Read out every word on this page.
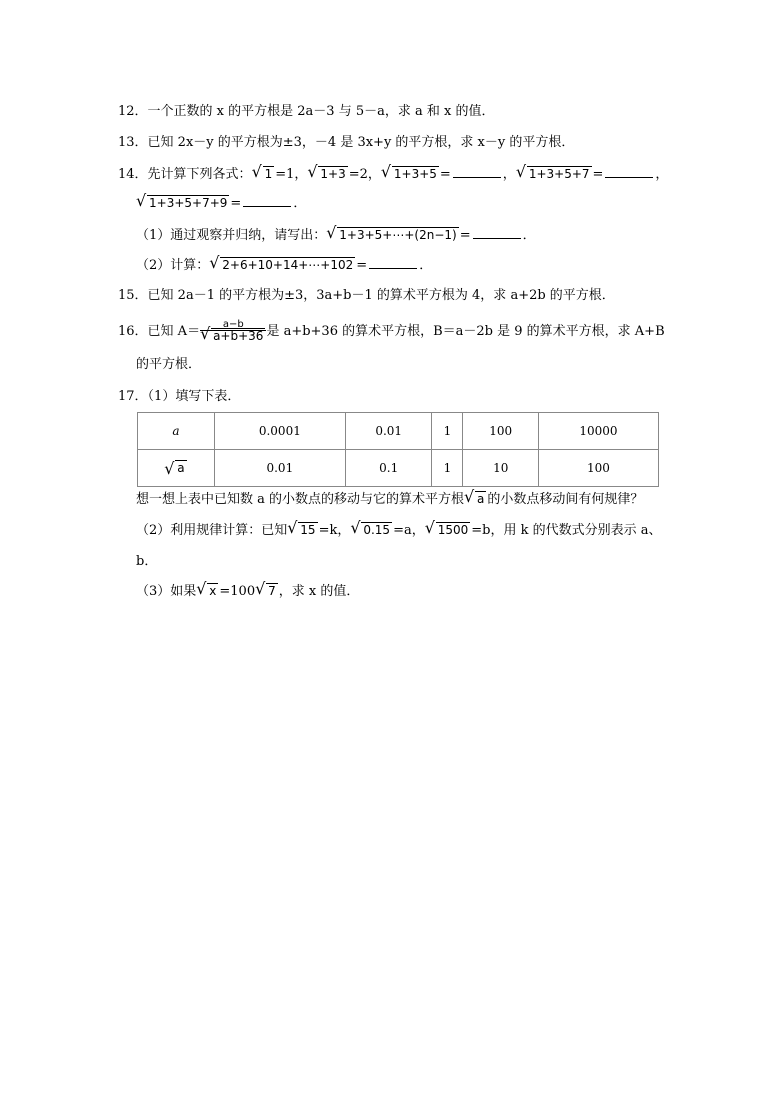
12．一个正数的 x 的平方根是 2a－3 与 5－a，求 a 和 x 的值．
13．已知 2x－y 的平方根为±3，－4 是 3x+y 的平方根，求 x－y 的平方根．
14．先计算下列各式： √ 1 =1， √ 1+3 =2， √ 1+3+5 =	， √ 1+3+5+7 =	，
√ 1+3+5+7+9 =	．
（1）通过观察并归纳，请写出： √ 1+3+5+⋯+(2n−1) =	．
（2）计算： √ 2+6+10+14+⋯+102 =	．
15．已知 2a－1 的平方根为±3，3a+b－1 的算术平方根为 4，求 a+2b 的平方根．
16．已知 A＝ a−b
√ a+b+36是 a+b+36 的算术平方根，B＝a－2b 是 9 的算术平方根，求 A+B
的平方根．
17．（1）填写下表．
a	0.0001	0.01	1	100	10000
√ a	0.01	0.1	1	10	100
想一想上表中已知数 a 的小数点的移动与它的算术平方根 √ a 的小数点移动间有何规律？
（2）利用规律计算：已知 √ 15 =k， √ 0.15 =a， √ 1500 =b，用 k 的代数式分别表示 a、
b．
（3）如果 √ x =100 √ 7 ，求 x 的值．
